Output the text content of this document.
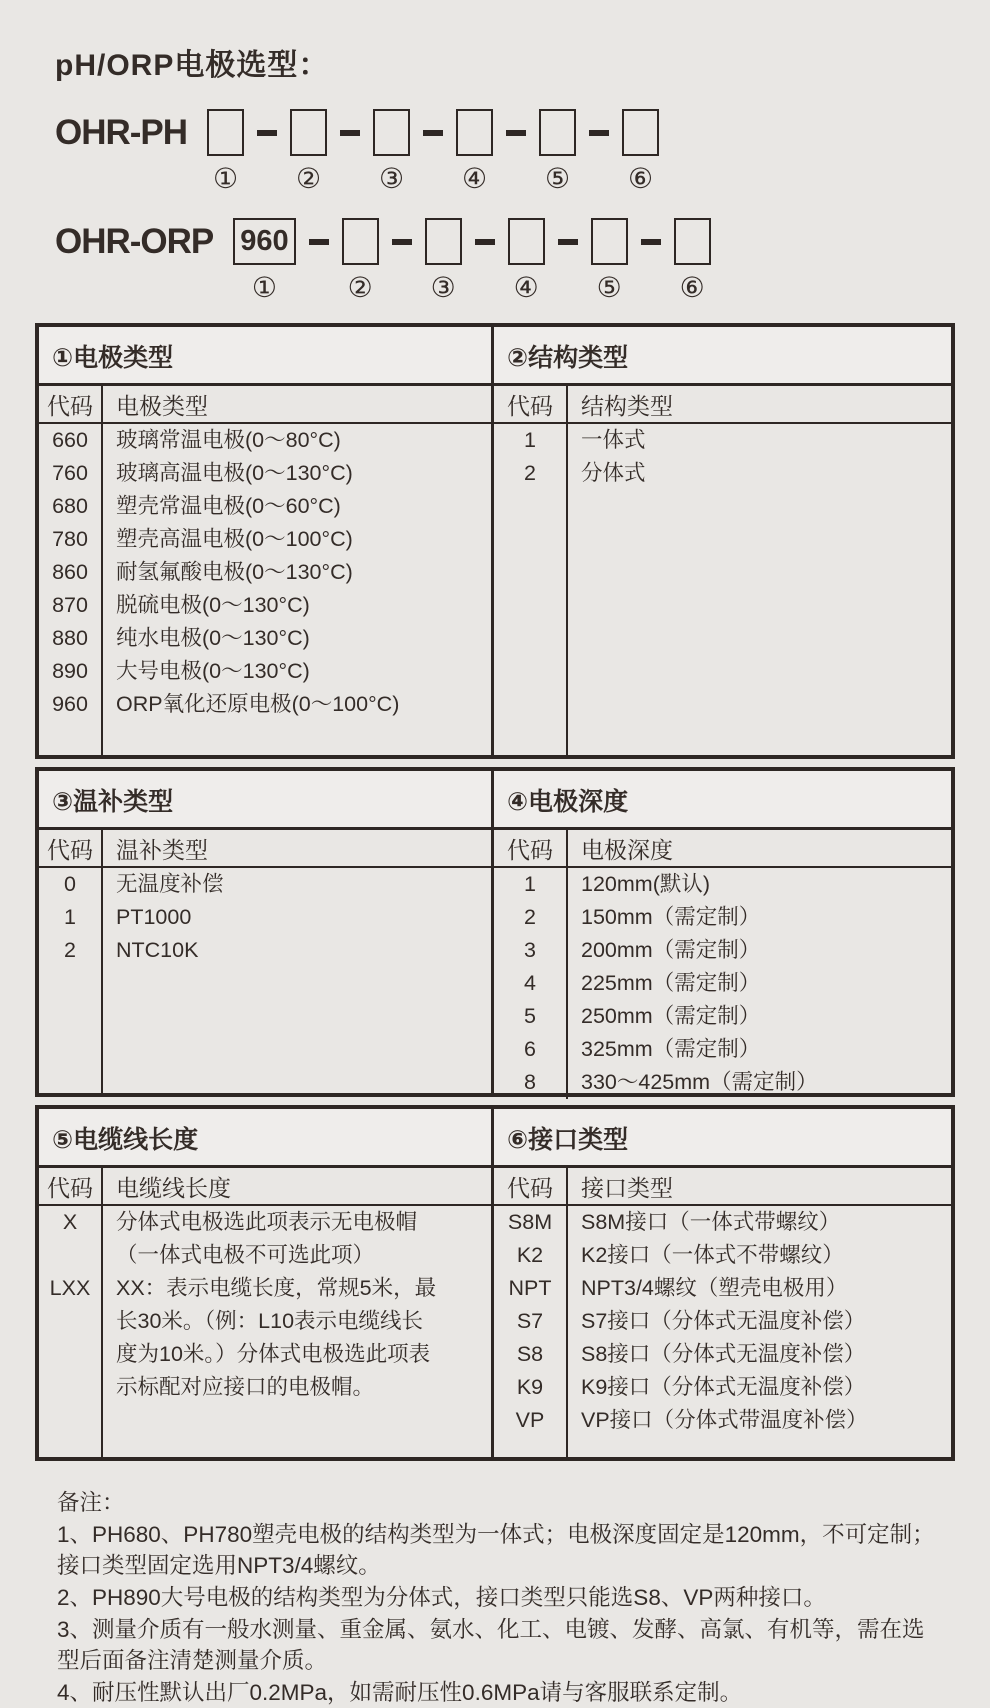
pH/ORP电极选型：
OHR-PH
① ② ③ ④ ⑤ ⑥
OHR-ORP 960
①	② ③ ④ ⑤ ⑥
①电极类型
代码	电极类型
660	玻璃常温电极(0～80°C)
760	玻璃高温电极(0～130°C)
680	塑壳常温电极(0～60°C)
780	塑壳高温电极(0～100°C)
860	耐氢氟酸电极(0～130°C)
870	脱硫电极(0～130°C)
880	纯水电极(0～130°C)
890	大号电极(0～130°C)
960	ORP氧化还原电极(0～100°C)
②结构类型
代码	结构类型
1	一体式
2	分体式
③温补类型
代码	温补类型
0	无温度补偿
1	PT1000
2	NTC10K
④电极深度
代码	电极深度
1	120mm(默认)
2	150mm（需定制）
3	200mm（需定制）
4	225mm（需定制）
5	250mm（需定制）
6	325mm（需定制）
8	330～425mm（需定制）
⑤电缆线长度
代码	电缆线长度
X	分体式电极选此项表示无电极帽（一体式电极不可选此项）
LXX	XX：表示电缆长度，常规5米，最长30米。（例：L10表示电缆线长度为10米。）分体式电极选此项表示标配对应接口的电极帽。
⑥接口类型
代码	接口类型
S8M	S8M接口（一体式带螺纹）
K2	K2接口（一体式不带螺纹）
NPT	NPT3/4螺纹（塑壳电极用）
S7	S7接口（分体式无温度补偿）
S8	S8接口（分体式无温度补偿）
K9	K9接口（分体式无温度补偿）
VP	VP接口（分体式带温度补偿）
备注：
1、PH680、PH780塑壳电极的结构类型为一体式；电极深度固定是120mm，不可定制；接口类型固定选用NPT3/4螺纹。
2、PH890大号电极的结构类型为分体式，接口类型只能选S8、VP两种接口。
3、测量介质有一般水测量、重金属、氨水、化工、电镀、发酵、高氯、有机等，需在选型后面备注清楚测量介质。
4、耐压性默认出厂0.2MPa，如需耐压性0.6MPa请与客服联系定制。
